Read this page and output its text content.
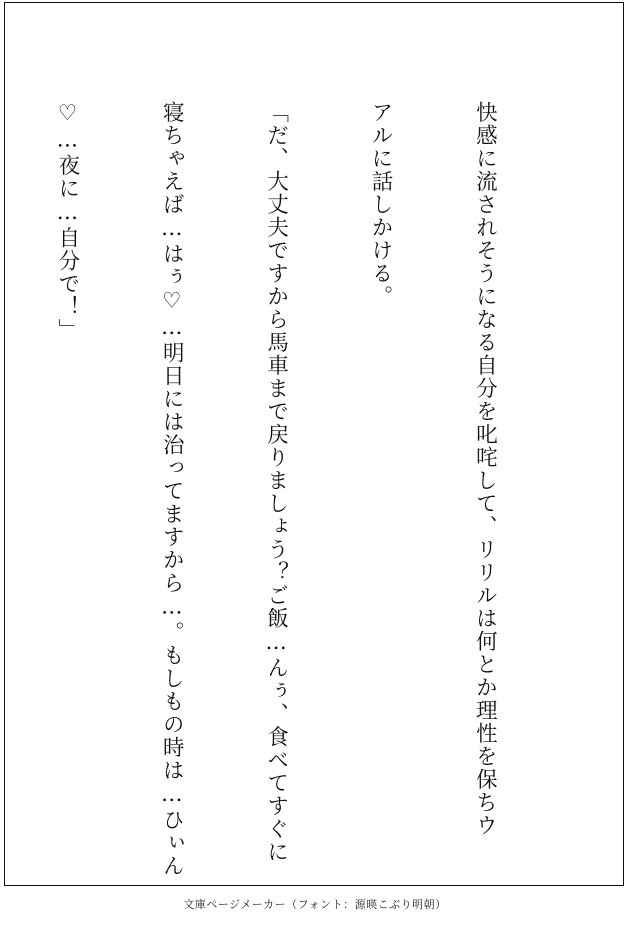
快感に流されそうになる自分を叱咤して、リリルは何とか理性を保ちウ

アルに話しかける。

「だ、大丈夫ですから馬車まで戻りましょう？ご飯…んぅ、食べてすぐに

寝ちゃえば…はぅ♡…明日には治ってますから…。もしもの時は…ひぃん

♡…夜に…自分で！」

文庫ページメーカー（フォント：源暎こぶり明朝）
